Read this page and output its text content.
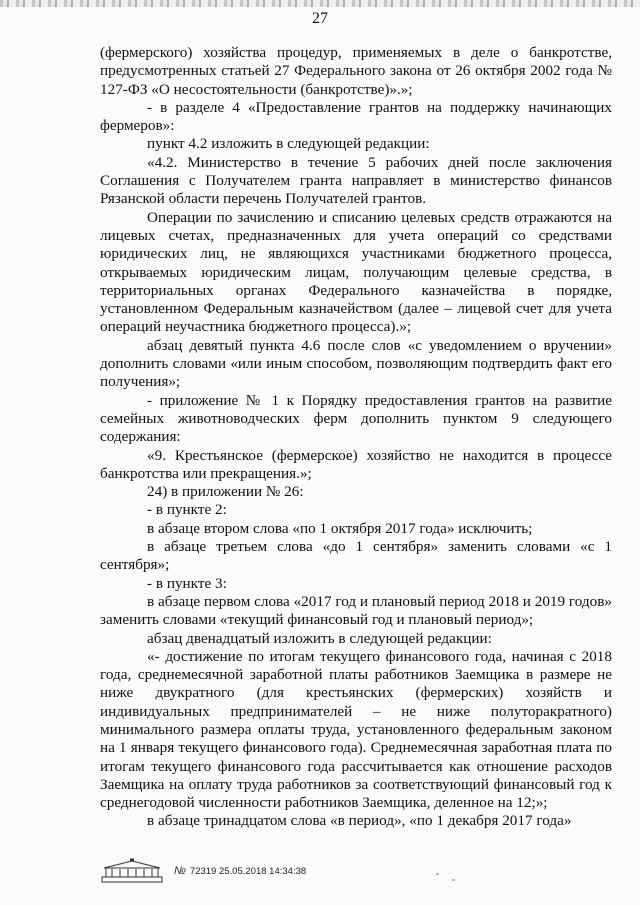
27

(фермерского) хозяйства процедур, применяемых в деле о банкротстве, предусмотренных статьей 27 Федерального закона от 26 октября 2002 года № 127-ФЗ «О несостоятельности (банкротстве)».»;

- в разделе 4 «Предоставление грантов на поддержку начинающих фермеров»:

пункт 4.2 изложить в следующей редакции:

«4.2. Министерство в течение 5 рабочих дней после заключения Соглашения с Получателем гранта направляет в министерство финансов Рязанской области перечень Получателей грантов.

Операции по зачислению и списанию целевых средств отражаются на лицевых счетах, предназначенных для учета операций со средствами юридических лиц, не являющихся участниками бюджетного процесса, открываемых юридическим лицам, получающим целевые средства, в территориальных органах Федерального казначейства в порядке, установленном Федеральным казначейством (далее – лицевой счет для учета операций неучастника бюджетного процесса).»;

абзац девятый пункта 4.6 после слов «с уведомлением о вручении» дополнить словами «или иным способом, позволяющим подтвердить факт его получения»;

- приложение № 1 к Порядку предоставления грантов на развитие семейных животноводческих ферм дополнить пунктом 9 следующего содержания:

«9. Крестьянское (фермерское) хозяйство не находится в процессе банкротства или прекращения.»;

24) в приложении № 26:

- в пункте 2:

в абзаце втором слова «по 1 октября 2017 года» исключить;

в абзаце третьем слова «до 1 сентября» заменить словами «с 1 сентября»;

- в пункте 3:

в абзаце первом слова «2017 год и плановый период 2018 и 2019 годов» заменить словами «текущий финансовый год и плановый период»;

абзац двенадцатый изложить в следующей редакции:

«- достижение по итогам текущего финансового года, начиная с 2018 года, среднемесячной заработной платы работников Заемщика в размере не ниже двукратного (для крестьянских (фермерских) хозяйств и индивидуальных предпринимателей – не ниже полуторакратного) минимального размера оплаты труда, установленного федеральным законом на 1 января текущего финансового года). Среднемесячная заработная плата по итогам текущего финансового года рассчитывается как отношение расходов Заемщика на оплату труда работников за соответствующий финансовый год к среднегодовой численности работников Заемщика, деленное на 12;»;

в абзаце тринадцатом слова «в период», «по 1 декабря 2017 года»

№ 72319 25.05.2018 14:34:38
